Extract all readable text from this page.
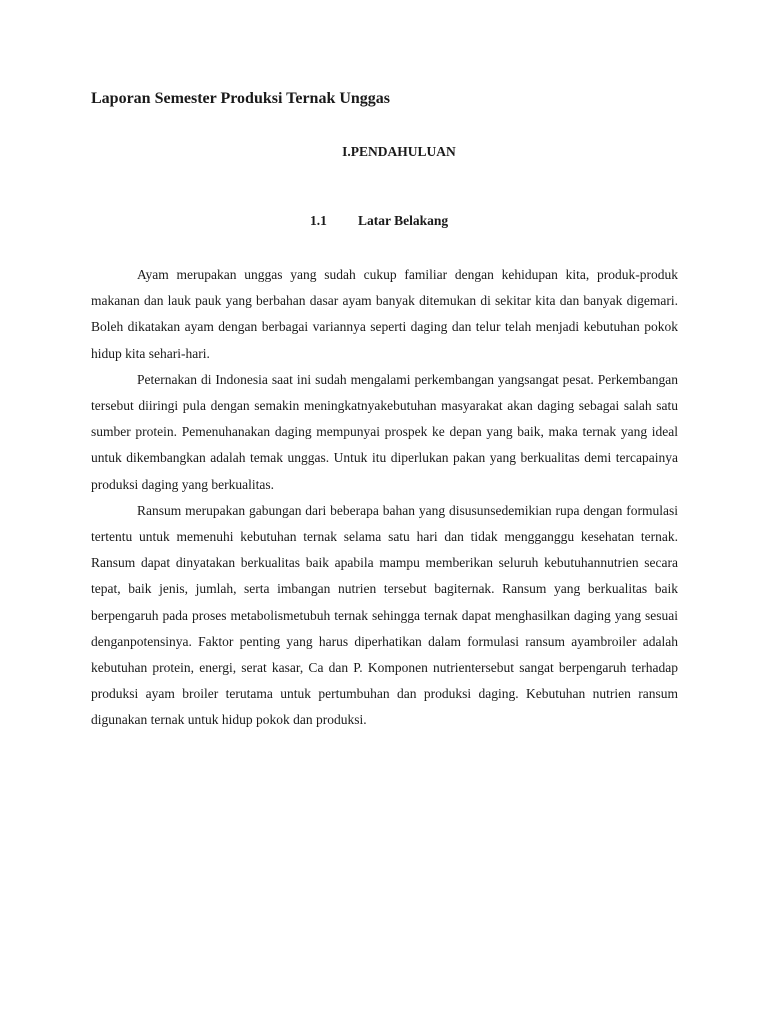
Laporan Semester Produksi Ternak Unggas
I.PENDAHULUAN
1.1 Latar Belakang

Ayam merupakan unggas yang sudah cukup familiar dengan kehidupan kita, produk-produk makanan dan lauk pauk yang berbahan dasar ayam banyak ditemukan di sekitar kita dan banyak digemari. Boleh dikatakan ayam dengan berbagai variannya seperti daging dan telur telah menjadi kebutuhan pokok hidup kita sehari-hari.

Peternakan di Indonesia saat ini sudah mengalami perkembangan yangsangat pesat. Perkembangan tersebut diiringi pula dengan semakin meningkatnyakebutuhan masyarakat akan daging sebagai salah satu sumber protein. Pemenuhanakan daging mempunyai prospek ke depan yang baik, maka ternak yang ideal untuk dikembangkan adalah temak unggas. Untuk itu diperlukan pakan yang berkualitas demi tercapainya produksi daging yang berkualitas.

Ransum merupakan gabungan dari beberapa bahan yang disusunsedemikian rupa dengan formulasi tertentu untuk memenuhi kebutuhan ternak selama satu hari dan tidak mengganggu kesehatan ternak. Ransum dapat dinyatakan berkualitas baik apabila mampu memberikan seluruh kebutuhannutrien secara tepat, baik jenis, jumlah, serta imbangan nutrien tersebut bagiternak. Ransum yang berkualitas baik berpengaruh pada proses metabolismetubuh ternak sehingga ternak dapat menghasilkan daging yang sesuai denganpotensinya. Faktor penting yang harus diperhatikan dalam formulasi ransum ayambroiler adalah kebutuhan protein, energi, serat kasar, Ca dan P. Komponen nutrientersebut sangat berpengaruh terhadap produksi ayam broiler terutama untuk pertumbuhan dan produksi daging. Kebutuhan nutrien ransum digunakan ternak untuk hidup pokok dan produksi.
